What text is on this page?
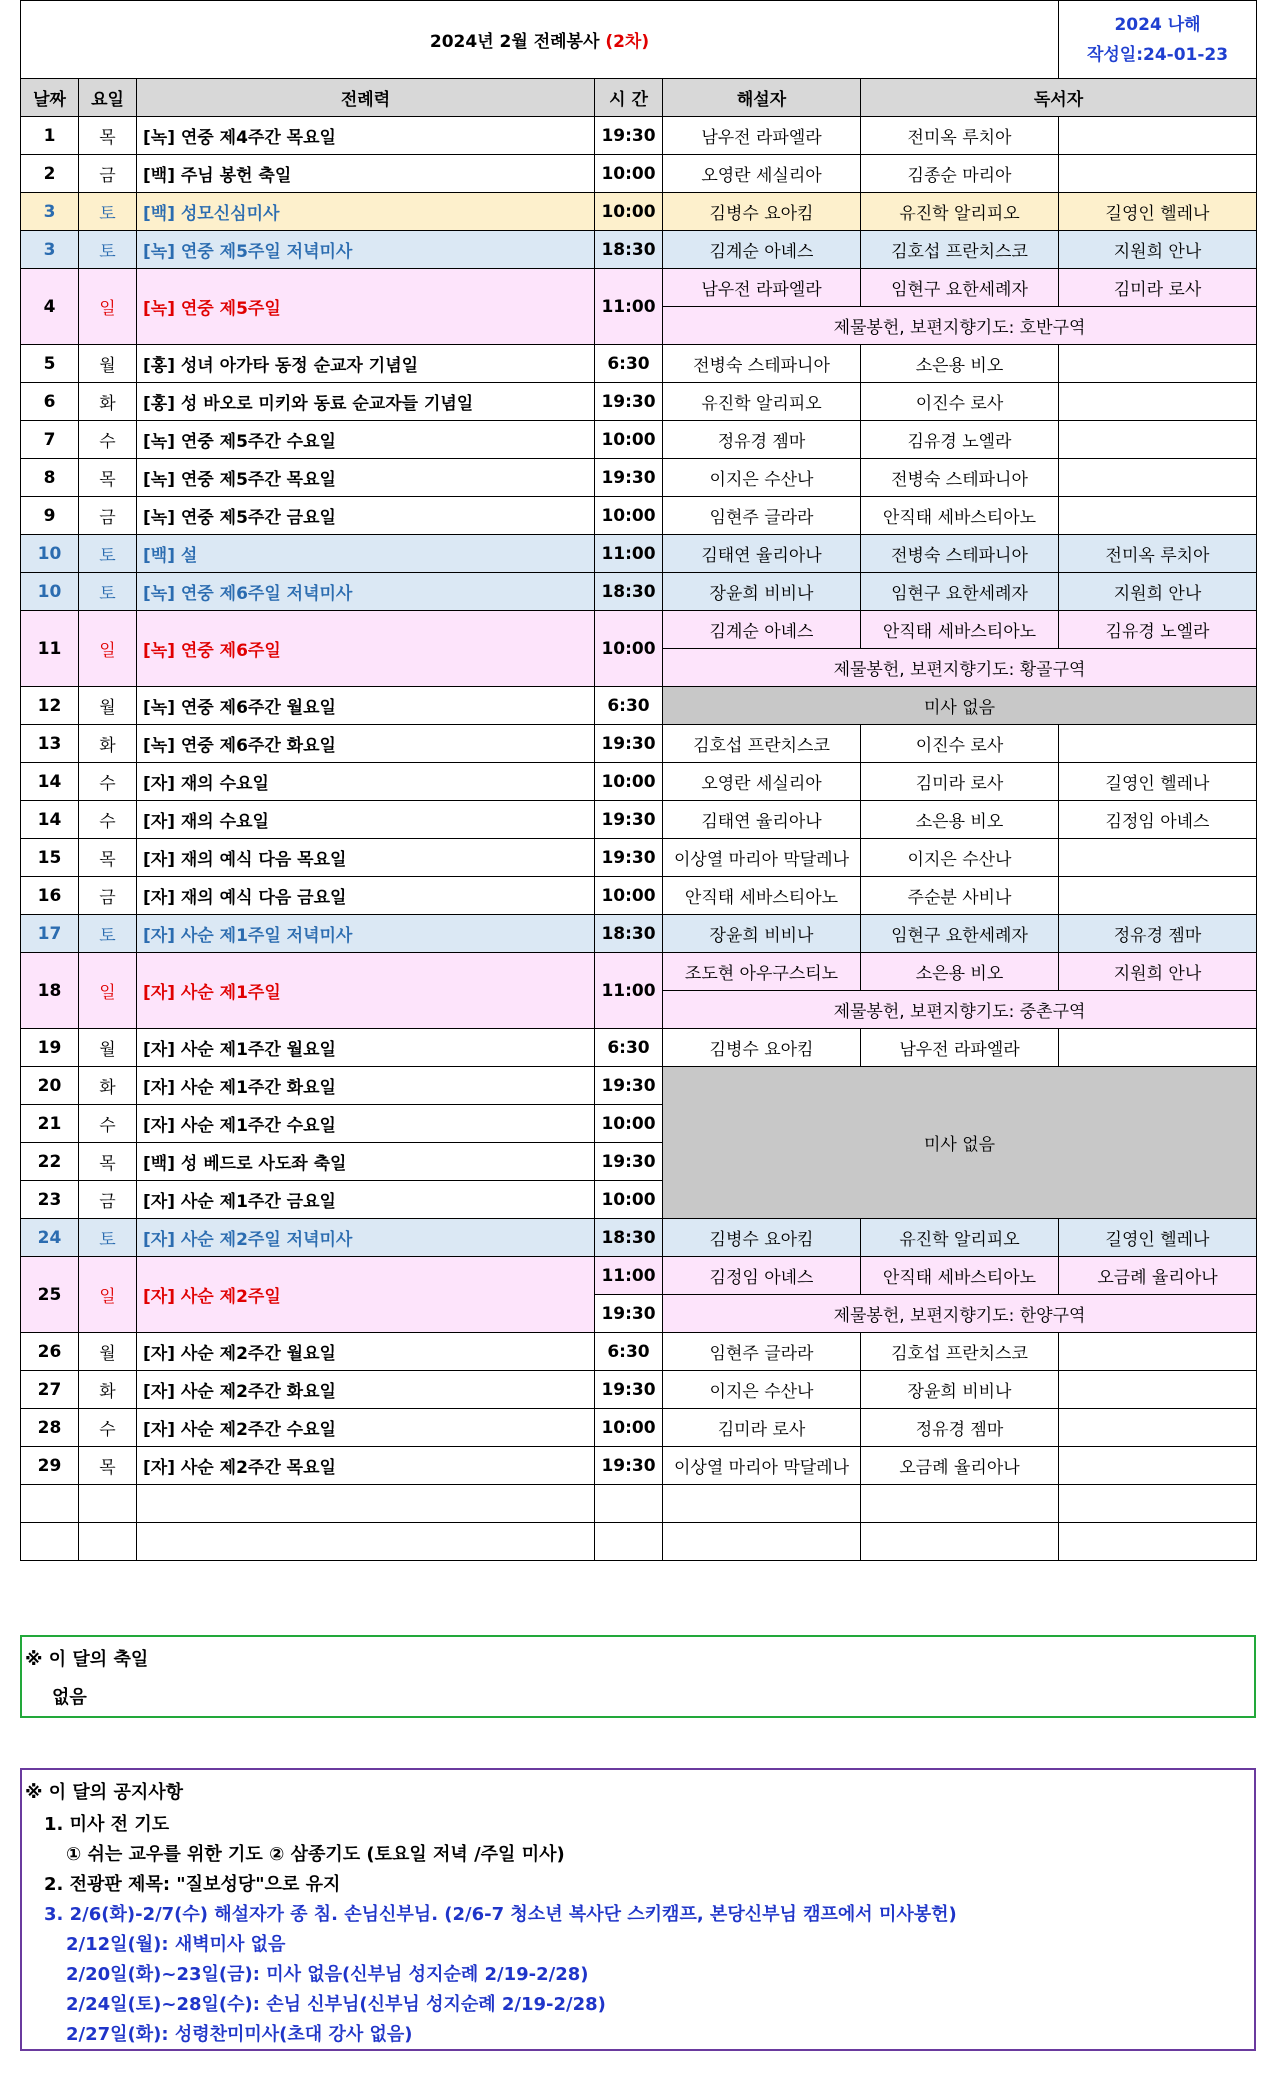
2024년 2월 전례봉사 (2차)						2024 나해
작성일:24-01-23

날짜	요일	전례력	시 간	해설자	독서자	
1	목	[녹] 연중 제4주간 목요일	19:30	남우전 라파엘라	전미옥 루치아	
2	금	[백] 주님 봉헌 축일	10:00	오영란 세실리아	김종순 마리아	
3	토	[백] 성모신심미사	10:00	김병수 요아킴	유진학 알리피오	길영인 헬레나
3	토	[녹] 연중 제5주일 저녁미사	18:30	김계순 아녜스	김호섭 프란치스코	지원희 안나
4	일	[녹] 연중 제5주일	11:00	남우전 라파엘라	임현구 요한세례자	김미라 로사
				제물봉헌, 보편지향기도: 호반구역		
5	월	[홍] 성녀 아가타 동정 순교자 기념일	6:30	전병숙 스테파니아	소은용 비오	
6	화	[홍] 성 바오로 미키와 동료 순교자들 기념일	19:30	유진학 알리피오	이진수 로사	
7	수	[녹] 연중 제5주간 수요일	10:00	정유경 젬마	김유경 노엘라	
8	목	[녹] 연중 제5주간 목요일	19:30	이지은 수산나	전병숙 스테파니아	
9	금	[녹] 연중 제5주간 금요일	10:00	임현주 글라라	안직태 세바스티아노	
10	토	[백] 설	11:00	김태연 율리아나	전병숙 스테파니아	전미옥 루치아
10	토	[녹] 연중 제6주일 저녁미사	18:30	장윤희 비비나	임현구 요한세례자	지원희 안나
11	일	[녹] 연중 제6주일	10:00	김계순 아녜스	안직태 세바스티아노	김유경 노엘라
				제물봉헌, 보편지향기도: 황골구역		
12	월	[녹] 연중 제6주간 월요일	6:30	미사 없음		
13	화	[녹] 연중 제6주간 화요일	19:30	김호섭 프란치스코	이진수 로사	
14	수	[자] 재의 수요일	10:00	오영란 세실리아	김미라 로사	길영인 헬레나
14	수	[자] 재의 수요일	19:30	김태연 율리아나	소은용 비오	김정임 아녜스
15	목	[자] 재의 예식 다음 목요일	19:30	이상열 마리아 막달레나	이지은 수산나	
16	금	[자] 재의 예식 다음 금요일	10:00	안직태 세바스티아노	주순분 사비나	
17	토	[자] 사순 제1주일 저녁미사	18:30	장윤희 비비나	임현구 요한세례자	정유경 젬마
18	일	[자] 사순 제1주일	11:00	조도현 아우구스티노	소은용 비오	지원희 안나
				제물봉헌, 보편지향기도: 중촌구역		
19	월	[자] 사순 제1주간 월요일	6:30	김병수 요아킴	남우전 라파엘라	
20	화	[자] 사순 제1주간 화요일	19:30	미사 없음		
21	수	[자] 사순 제1주간 수요일	10:00			
22	목	[백] 성 베드로 사도좌 축일	19:30			
23	금	[자] 사순 제1주간 금요일	10:00			
24	토	[자] 사순 제2주일 저녁미사	18:30	김병수 요아킴	유진학 알리피오	길영인 헬레나
25	일	[자] 사순 제2주일	11:00	김정임 아녜스	안직태 세바스티아노	오금례 율리아나
			19:30	제물봉헌, 보편지향기도: 한양구역		
26	월	[자] 사순 제2주간 월요일	6:30	임현주 글라라	김호섭 프란치스코	
27	화	[자] 사순 제2주간 화요일	19:30	이지은 수산나	장윤희 비비나	
28	수	[자] 사순 제2주간 수요일	10:00	김미라 로사	정유경 젬마	
29	목	[자] 사순 제2주간 목요일	19:30	이상열 마리아 막달레나	오금례 율리아나	

※ 이 달의 축일
없음
※ 이 달의 공지사항
1. 미사 전 기도
① 쉬는 교우를 위한 기도 ② 삼종기도 (토요일 저녁 /주일 미사)
2. 전광판 제목: "질보성당"으로 유지
3. 2/6(화)-2/7(수) 해설자가 종 침. 손님신부님. (2/6-7 청소년 복사단 스키캠프, 본당신부님 캠프에서 미사봉헌)
2/12일(월): 새벽미사 없음
2/20일(화)~23일(금): 미사 없음(신부님 성지순례 2/19-2/28)
2/24일(토)~28일(수): 손님 신부님(신부님 성지순례 2/19-2/28)
2/27일(화): 성령찬미미사(초대 강사 없음)
